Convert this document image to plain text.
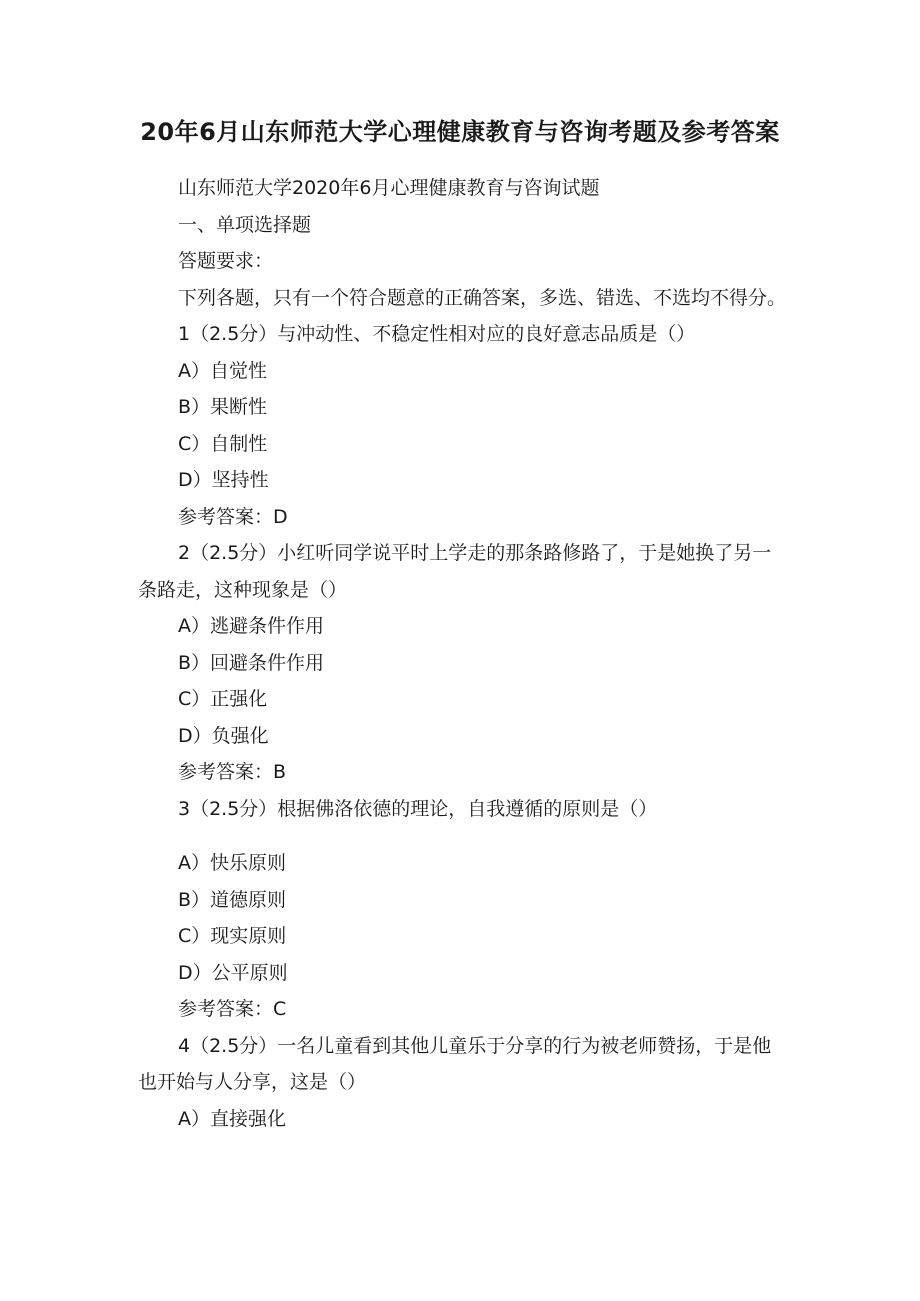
20年6月山东师范大学心理健康教育与咨询考题及参考答案

山东师范大学2020年6月心理健康教育与咨询试题

一、单项选择题

答题要求：

下列各题，只有一个符合题意的正确答案，多选、错选、不选均不得分。

1（2.5分）与冲动性、不稳定性相对应的良好意志品质是（）

A）自觉性

B）果断性

C）自制性

D）坚持性

参考答案：D

2（2.5分）小红听同学说平时上学走的那条路修路了，于是她换了另一条路走，这种现象是（）

A）逃避条件作用

B）回避条件作用

C）正强化

D）负强化

参考答案：B

3（2.5分）根据佛洛依德的理论，自我遵循的原则是（）

A）快乐原则

B）道德原则

C）现实原则

D）公平原则

参考答案：C

4（2.5分）一名儿童看到其他儿童乐于分享的行为被老师赞扬，于是他也开始与人分享，这是（）

A）直接强化
